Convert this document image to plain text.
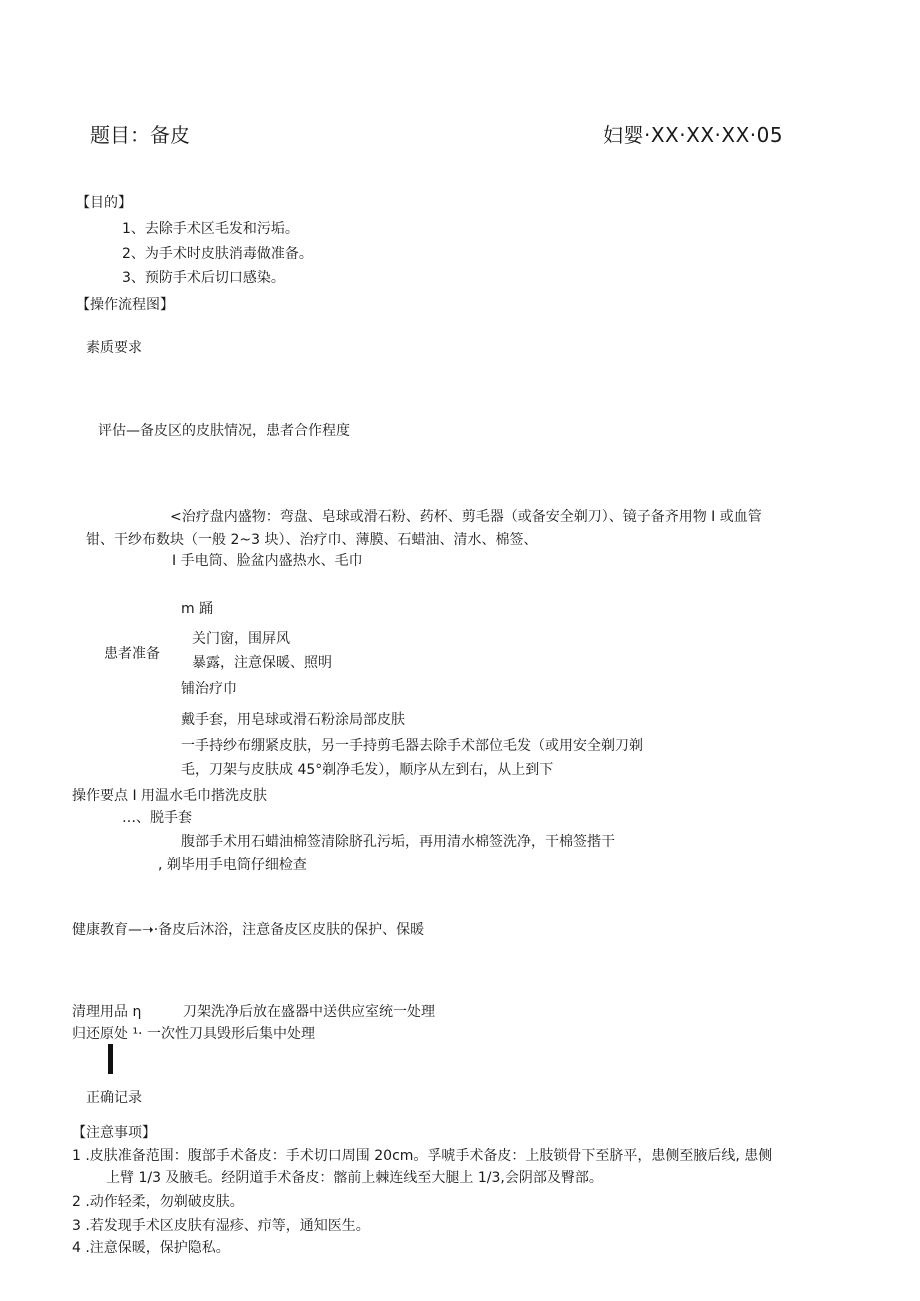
题目：备皮	妇婴·XX·XX·XX·05
【目的】
1、去除手术区毛发和污垢。
2、为手术时皮肤消毒做准备。
3、预防手术后切口感染。
【操作流程图】
素质要求
评估—备皮区的皮肤情况，患者合作程度
<治疗盘内盛物：弯盘、皂球或滑石粉、药杯、剪毛器（或备安全剃刀）、镜子备齐用物 I 或血管
钳、干纱布数块（一般 2~3 块）、治疗巾、薄膜、石蜡油、清水、棉签、
I 手电筒、脸盆内盛热水、毛巾
m 踊
关门窗，围屏风
患者准备
暴露，注意保暖、照明
铺治疗巾
戴手套，用皂球或滑石粉涂局部皮肤
一手持纱布绷紧皮肤，另一手持剪毛器去除手术部位毛发（或用安全剃刀剃
毛，刀架与皮肤成 45°剃净毛发），顺序从左到右，从上到下
操作要点 I 用温水毛巾揩洗皮肤
…、脱手套
腹部手术用石蜡油棉签清除脐孔污垢，再用清水棉签洗净，干棉签揩干
, 剃毕用手电筒仔细检查
健康教育—➝·备皮后沐浴，注意备皮区皮肤的保护、保暖
清理用品 η	刀架洗净后放在盛器中送供应室统一处理
归还原处 ¹· 一次性刀具毁形后集中处理
正确记录
【注意事项】
1 .皮肤准备范围：腹部手术备皮：手术切口周围 20cm。孚唬手术备皮：上肢锁骨下至脐平，患侧至腋后线, 患侧
上臂 1/3 及腋毛。经阴道手术备皮：髂前上棘连线至大腿上 1/3,会阴部及臀部。
2 .动作轻柔，勿剃破皮肤。
3 .若发现手术区皮肤有湿疹、疖等，通知医生。
4 .注意保暖，保护隐私。
